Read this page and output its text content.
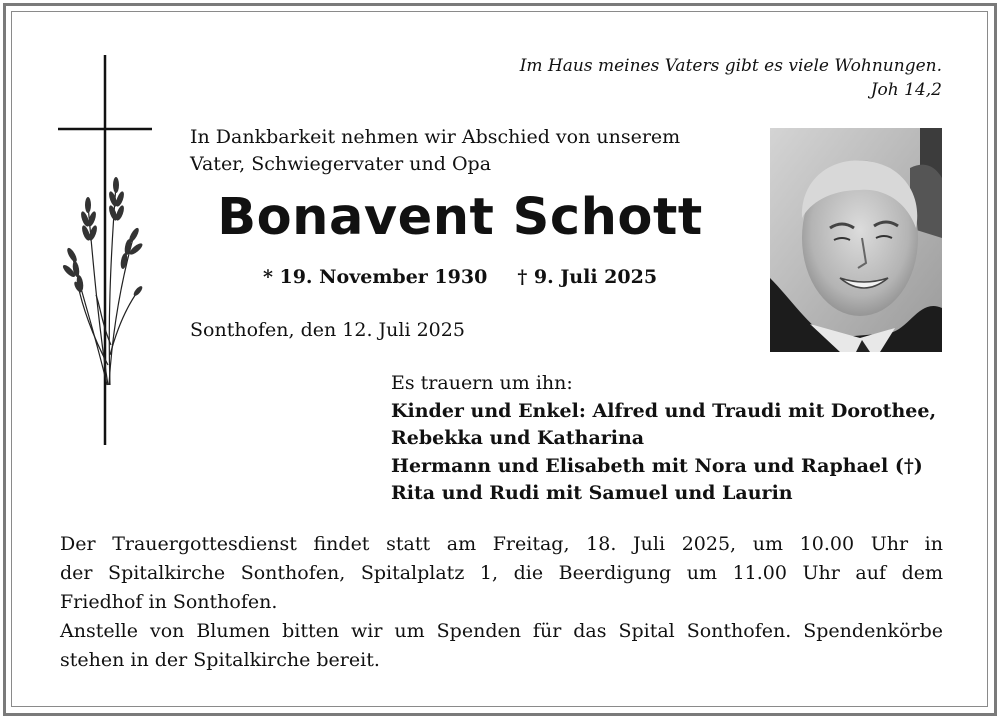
Im Haus meines Vaters gibt es viele Wohnungen.
Joh 14,2
In Dankbarkeit nehmen wir Abschied von unserem
Vater, Schwiegervater und Opa
Bonavent Schott
* 19. November 1930 † 9. Juli 2025
Sonthofen, den 12. Juli 2025
Es trauern um ihn:
Kinder und Enkel: Alfred und Traudi mit Dorothee,
Rebekka und Katharina
Hermann und Elisabeth mit Nora und Raphael (†)
Rita und Rudi mit Samuel und Laurin

Der Trauergottesdienst findet statt am Freitag, 18. Juli 2025, um 10.00 Uhr in

der Spitalkirche Sonthofen, Spitalplatz 1, die Beerdigung um 11.00 Uhr auf dem

Friedhof in Sonthofen.

Anstelle von Blumen bitten wir um Spenden für das Spital Sonthofen. Spendenkörbe

stehen in der Spitalkirche bereit.
